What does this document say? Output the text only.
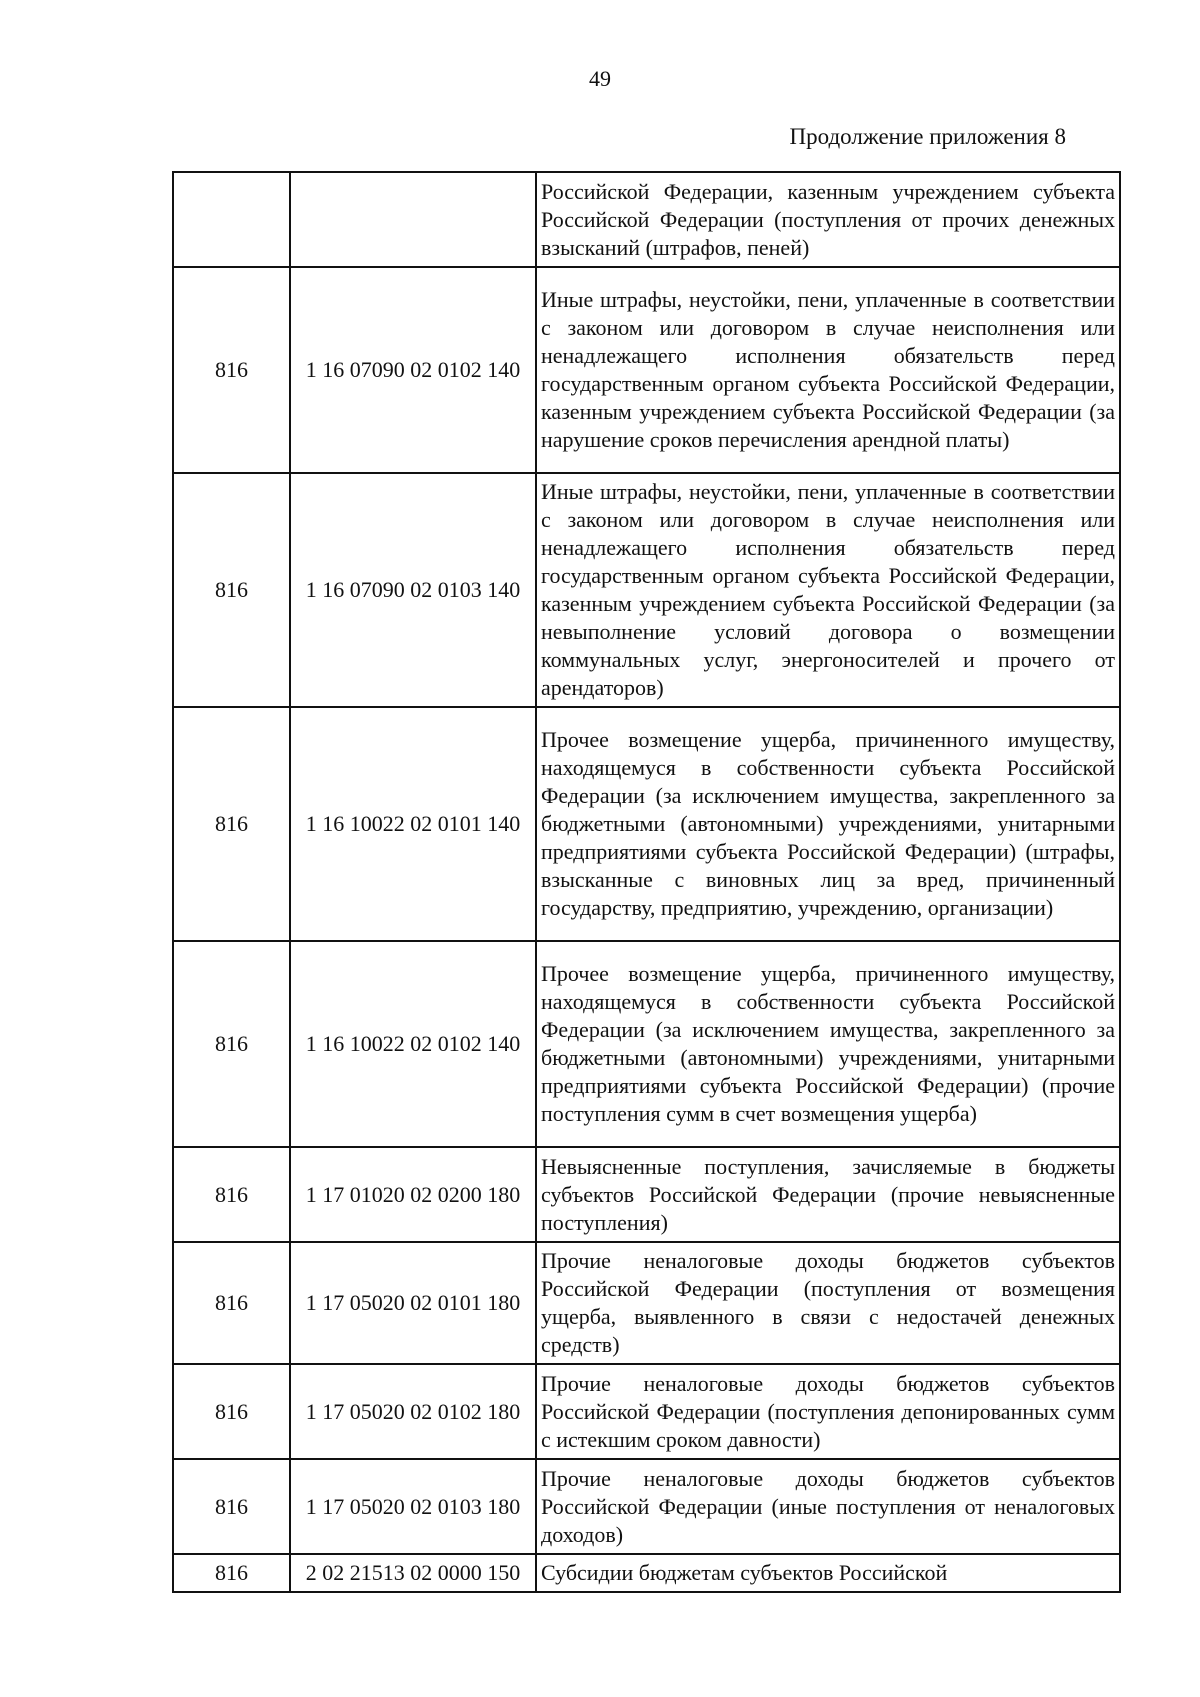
49
Продолжение приложения 8
		Российской Федерации, казенным учреждением субъекта Российской Федерации (поступления от прочих денежных взысканий (штрафов, пеней)
816	1 16 07090 02 0102 140	Иные штрафы, неустойки, пени, уплаченные в соответствии с законом или договором в случае неисполнения или ненадлежащего исполнения обязательств перед государственным органом субъекта Российской Федерации, казенным учреждением субъекта Российской Федерации (за нарушение сроков перечисления арендной платы)
816	1 16 07090 02 0103 140	Иные штрафы, неустойки, пени, уплаченные в соответствии с законом или договором в случае неисполнения или ненадлежащего исполнения обязательств перед государственным органом субъекта Российской Федерации, казенным учреждением субъекта Российской Федерации (за невыполнение условий договора о возмещении коммунальных услуг, энергоносителей и прочего от арендаторов)
816	1 16 10022 02 0101 140	Прочее возмещение ущерба, причиненного имуществу, находящемуся в собственности субъекта Российской Федерации (за исключением имущества, закрепленного за бюджетными (автономными) учреждениями, унитарными предприятиями субъекта Российской Федерации) (штрафы, взысканные с виновных лиц за вред, причиненный государству, предприятию, учреждению, организации)
816	1 16 10022 02 0102 140	Прочее возмещение ущерба, причиненного имуществу, находящемуся в собственности субъекта Российской Федерации (за исключением имущества, закрепленного за бюджетными (автономными) учреждениями, унитарными предприятиями субъекта Российской Федерации) (прочие поступления сумм в счет возмещения ущерба)
816	1 17 01020 02 0200 180	Невыясненные поступления, зачисляемые в бюджеты субъектов Российской Федерации (прочие невыясненные поступления)
816	1 17 05020 02 0101 180	Прочие неналоговые доходы бюджетов субъектов Российской Федерации (поступления от возмещения ущерба, выявленного в связи с недостачей денежных средств)
816	1 17 05020 02 0102 180	Прочие неналоговые доходы бюджетов субъектов Российской Федерации (поступления депонированных сумм с истекшим сроком давности)
816	1 17 05020 02 0103 180	Прочие неналоговые доходы бюджетов субъектов Российской Федерации (иные поступления от неналоговых доходов)
816	2 02 21513 02 0000 150	Субсидии бюджетам субъектов Российской
